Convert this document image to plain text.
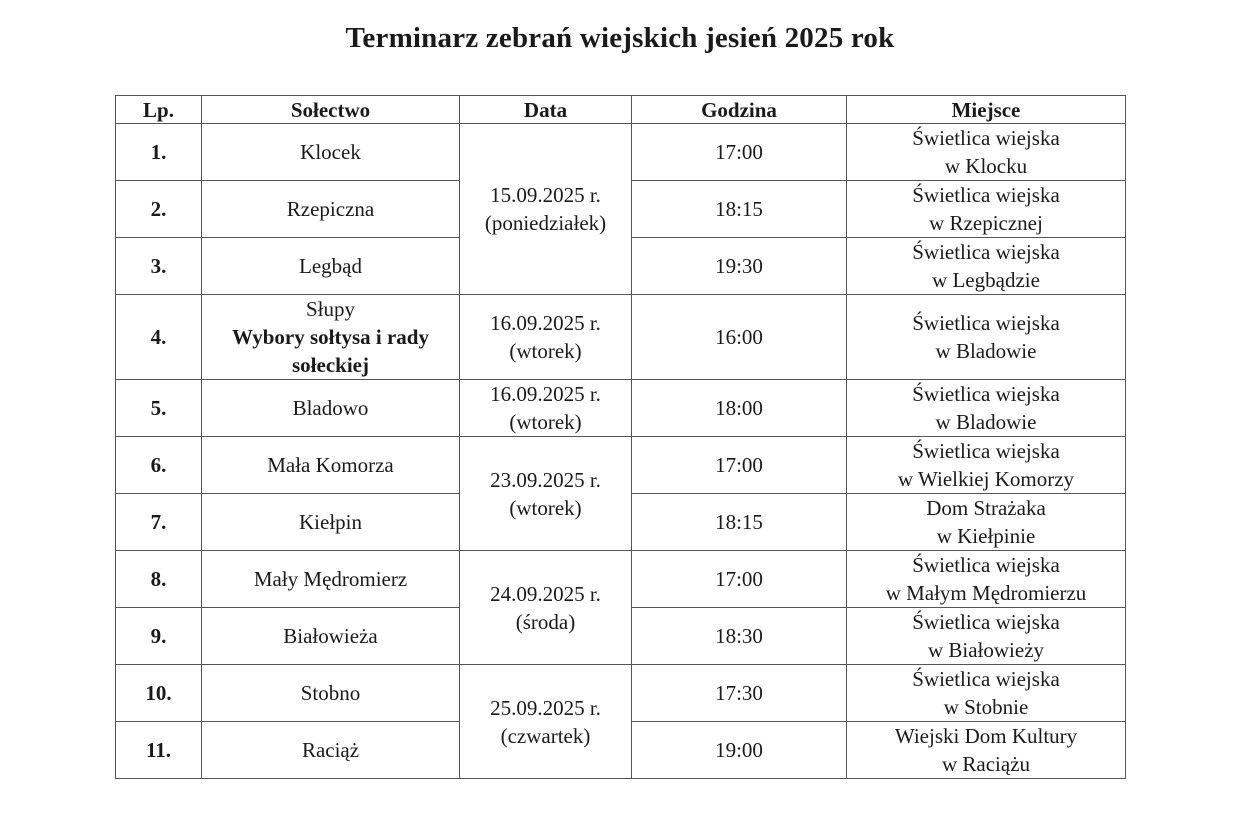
Terminarz zebrań wiejskich jesień 2025 rok
Lp.	Sołectwo	Data	Godzina	Miejsce
1.	Klocek	15.09.2025 r.
(poniedziałek)	17:00	Świetlica wiejska
w Klocku

2.	Rzepiczna		18:15	Świetlica wiejska
w Rzepicznej

3.	Legbąd		19:30	Świetlica wiejska
w Legbądzie

4.	Słupy
Wybory sołtysa i rady
sołeckiej	16.09.2025 r.
(wtorek)	16:00	Świetlica wiejska
w Bladowie

5.	Bladowo	16.09.2025 r.
(wtorek)	18:00	Świetlica wiejska
w Bladowie

6.	Mała Komorza	23.09.2025 r.
(wtorek)	17:00	Świetlica wiejska
w Wielkiej Komorzy

7.	Kiełpin		18:15	Dom Strażaka
w Kiełpinie

8.	Mały Mędromierz	24.09.2025 r.
(środa)	17:00	Świetlica wiejska
w Małym Mędromierzu

9.	Białowieża		18:30	Świetlica wiejska
w Białowieży

10.	Stobno	25.09.2025 r.
(czwartek)	17:30	Świetlica wiejska
w Stobnie

11.	Raciąż		19:00	Wiejski Dom Kultury
w Raciążu
